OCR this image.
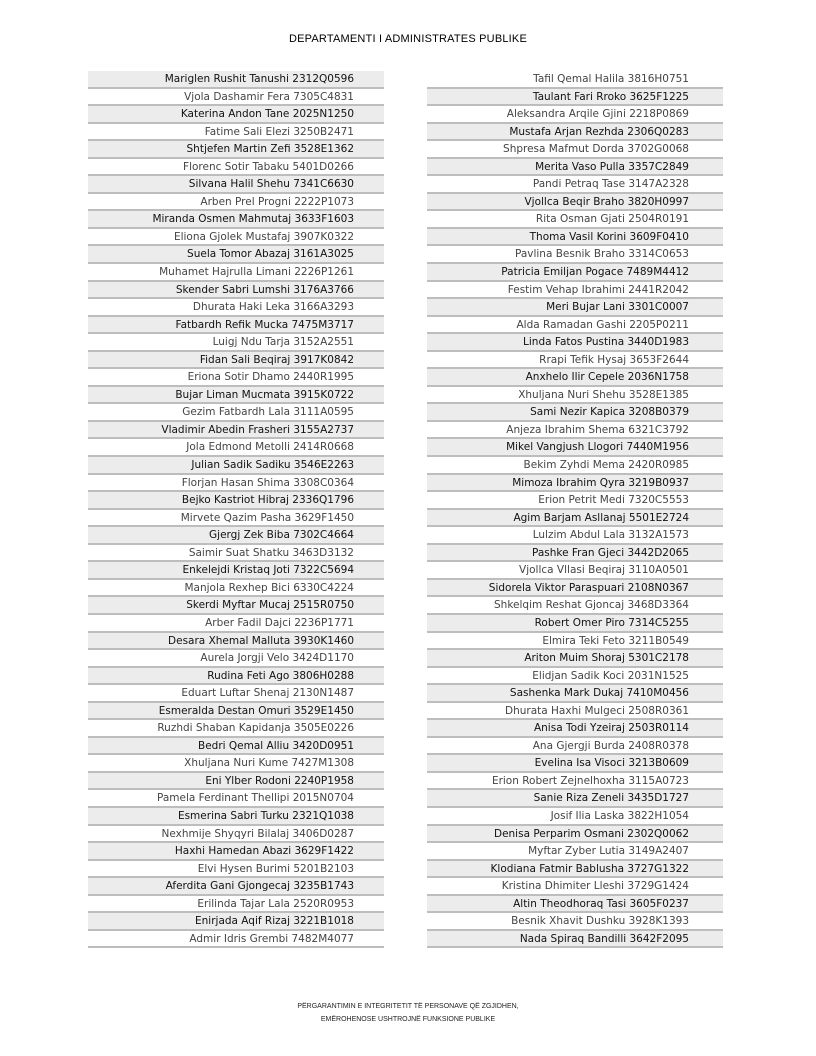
DEPARTAMENTI I ADMINISTRATES PUBLIKE
Mariglen Rushit Tanushi 2312Q0596
Vjola Dashamir Fera 7305C4831
Katerina Andon Tane 2025N1250
Fatime Sali Elezi 3250B2471
Shtjefen Martin Zefi 3528E1362
Florenc Sotir Tabaku 5401D0266
Silvana Halil Shehu 7341C6630
Arben Prel Progni 2222P1073
Miranda Osmen Mahmutaj 3633F1603
Eliona Gjolek Mustafaj 3907K0322
Suela Tomor Abazaj 3161A3025
Muhamet Hajrulla Limani 2226P1261
Skender Sabri Lumshi 3176A3766
Dhurata Haki Leka 3166A3293
Fatbardh Refik Mucka 7475M3717
Luigj Ndu Tarja 3152A2551
Fidan Sali Beqiraj 3917K0842
Eriona Sotir Dhamo 2440R1995
Bujar Liman Mucmata 3915K0722
Gezim Fatbardh Lala 3111A0595
Vladimir Abedin Frasheri 3155A2737
Jola Edmond Metolli 2414R0668
Julian Sadik Sadiku 3546E2263
Florjan Hasan Shima 3308C0364
Bejko Kastriot Hibraj 2336Q1796
Mirvete Qazim Pasha 3629F1450
Gjergj Zek Biba 7302C4664
Saimir Suat Shatku 3463D3132
Enkelejdi Kristaq Joti 7322C5694
Manjola Rexhep Bici 6330C4224
Skerdi Myftar Mucaj 2515R0750
Arber Fadil Dajci 2236P1771
Desara Xhemal Malluta 3930K1460
Aurela Jorgji Velo 3424D1170
Rudina Feti Ago 3806H0288
Eduart Luftar Shenaj 2130N1487
Esmeralda Destan Omuri 3529E1450
Ruzhdi Shaban Kapidanja 3505E0226
Bedri Qemal Alliu 3420D0951
Xhuljana Nuri Kume 7427M1308
Eni Ylber Rodoni 2240P1958
Pamela Ferdinant Thellipi 2015N0704
Esmerina Sabri Turku 2321Q1038
Nexhmije Shyqyri Bilalaj 3406D0287
Haxhi Hamedan Abazi 3629F1422
Elvi Hysen Burimi 5201B2103
Aferdita Gani Gjongecaj 3235B1743
Erilinda Tajar Lala 2520R0953
Enirjada Aqif Rizaj 3221B1018
Admir Idris Grembi 7482M4077
Tafil Qemal Halila 3816H0751
Taulant Fari Rroko 3625F1225
Aleksandra Arqile Gjini 2218P0869
Mustafa Arjan Rezhda 2306Q0283
Shpresa Mafmut Dorda 3702G0068
Merita Vaso Pulla 3357C2849
Pandi Petraq Tase 3147A2328
Vjollca Beqir Braho 3820H0997
Rita Osman Gjati 2504R0191
Thoma Vasil Korini 3609F0410
Pavlina Besnik Braho 3314C0653
Patricia Emiljan Pogace 7489M4412
Festim Vehap Ibrahimi 2441R2042
Meri Bujar Lani 3301C0007
Alda Ramadan Gashi 2205P0211
Linda Fatos Pustina 3440D1983
Rrapi Tefik Hysaj 3653F2644
Anxhelo Ilir Cepele 2036N1758
Xhuljana Nuri Shehu 3528E1385
Sami Nezir Kapica 3208B0379
Anjeza Ibrahim Shema 6321C3792
Mikel Vangjush Llogori 7440M1956
Bekim Zyhdi Mema 2420R0985
Mimoza Ibrahim Qyra 3219B0937
Erion Petrit Medi 7320C5553
Agim Barjam Asllanaj 5501E2724
Lulzim Abdul Lala 3132A1573
Pashke Fran Gjeci 3442D2065
Vjollca Vllasi Beqiraj 3110A0501
Sidorela Viktor Paraspuari 2108N0367
Shkelqim Reshat Gjoncaj 3468D3364
Robert Omer Piro 7314C5255
Elmira Teki Feto 3211B0549
Ariton Muim Shoraj 5301C2178
Elidjan Sadik Koci 2031N1525
Sashenka Mark Dukaj 7410M0456
Dhurata Haxhi Mulgeci 2508R0361
Anisa Todi Yzeiraj 2503R0114
Ana Gjergji Burda 2408R0378
Evelina Isa Visoci 3213B0609
Erion Robert Zejnelhoxha 3115A0723
Sanie Riza Zeneli 3435D1727
Josif Ilia Laska 3822H1054
Denisa Perparim Osmani 2302Q0062
Myftar Zyber Lutia 3149A2407
Klodiana Fatmir Bablusha 3727G1322
Kristina Dhimiter Lleshi 3729G1424
Altin Theodhoraq Tasi 3605F0237
Besnik Xhavit Dushku 3928K1393
Nada Spiraq Bandilli 3642F2095
PËRGARANTIMIN E INTEGRITETIT TË PERSONAVE QË ZGJIDHEN,
EMËROHENOSE USHTROJNË FUNKSIONE PUBLIKE
